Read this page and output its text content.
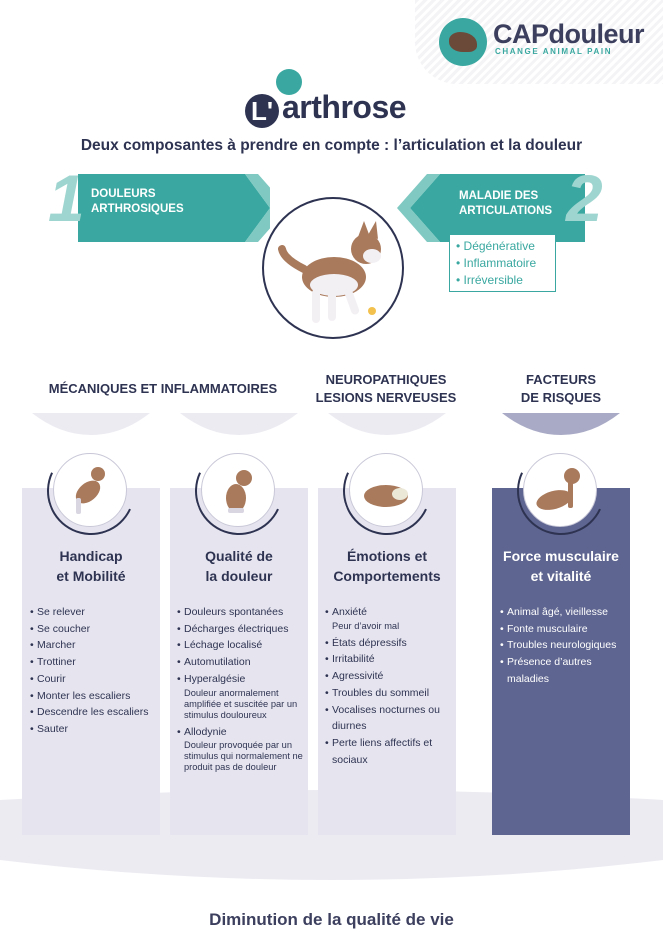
CAPdouleur
CHANGE ANIMAL PAIN
L' arthrose
Deux composantes à prendre en compte : l’articulation et la douleur
1 DOULEURS
ARTHROSIQUES	2
MALADIE DES
ARTICULATIONS
• Dégénérative
• Inflammatoire
• Irréversible
MÉCANIQUES ET INFLAMMATOIRES
NEUROPATHIQUES
LESIONS NERVEUSES
FACTEURS
DE RISQUES
Handicap
et Mobilité
Qualité de
la douleur
Émotions et
Comportements
Force musculaire
et vitalité
• Se relever
• Se coucher
• Marcher
• Trottiner
• Courir
• Monter les escaliers
• Descendre les escaliers
• Sauter
• Douleurs spontanées
• Décharges électriques
• Léchage localisé
• Automutilation
• Hyperalgésie
Douleur anormalement amplifiée et suscitée par un stimulus douloureux
• Allodynie
Douleur provoquée par un stimulus qui normalement ne produit pas de douleur
• Anxiété
Peur d’avoir mal
• États dépressifs
• Irritabilité
• Agressivité
• Troubles du sommeil
• Vocalises nocturnes ou diurnes
• Perte liens affectifs et sociaux
• Animal âgé, vieillesse
• Fonte musculaire
• Troubles neurologiques
• Présence d’autres maladies
Diminution de la qualité de vie
